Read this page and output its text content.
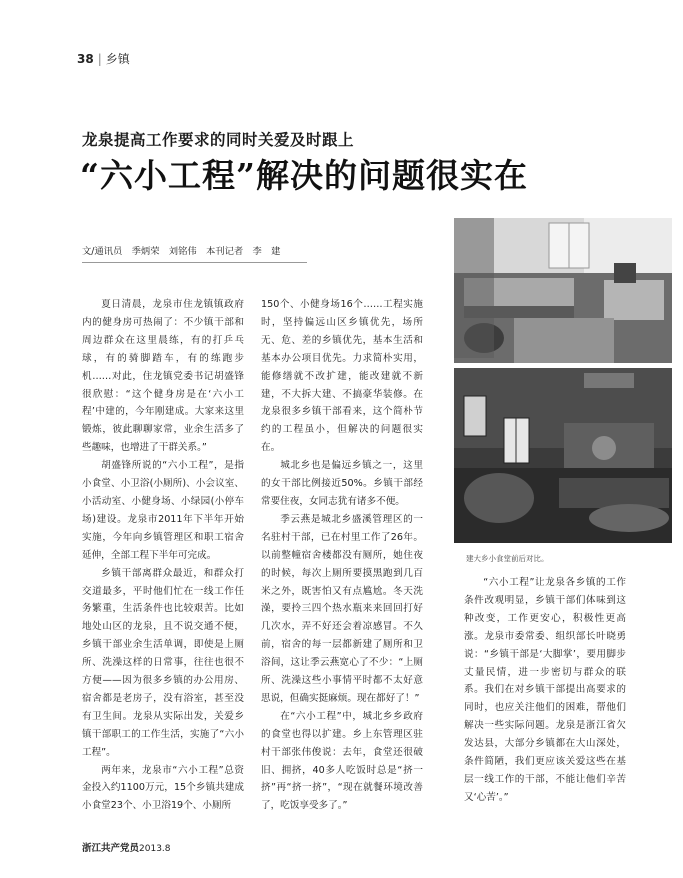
38 | 乡镇
龙泉提高工作要求的同时关爱及时跟上
“六小工程”解决的问题很实在
文/通讯员　季炳荣　刘铭伟　本刊记者　李　建

夏日清晨，龙泉市住龙镇镇政府内的健身房可热闹了：不少镇干部和周边群众在这里晨练，有的打乒乓球，有的骑脚踏车，有的练跑步机……对此，住龙镇党委书记胡盛锋很欣慰：“这个健身房是在‘六小工程’中建的，今年刚建成。大家来这里锻炼，彼此聊聊家常，业余生活多了些趣味，也增进了干群关系。”

胡盛锋所说的“六小工程”，是指小食堂、小卫浴(小厕所)、小会议室、小活动室、小健身场、小绿园(小停车场)建设。龙泉市2011年下半年开始实施，今年向乡镇管理区和职工宿舍延伸，全部工程下半年可完成。

乡镇干部离群众最近，和群众打交道最多，平时他们忙在一线工作任务繁重，生活条件也比较艰苦。比如地处山区的龙泉，且不说交通不便，乡镇干部业余生活单调，即使是上厕所、洗澡这样的日常事，往往也很不方便——因为很多乡镇的办公用房、宿舍都是老房子，没有浴室，甚至没有卫生间。龙泉从实际出发，关爱乡镇干部职工的工作生活，实施了“六小工程”。

两年来，龙泉市“六小工程”总资金投入约1100万元，15个乡镇共建成小食堂23个、小卫浴19个、小厕所

150个、小健身场16个……工程实施时，坚持偏远山区乡镇优先，场所无、危、差的乡镇优先，基本生活和基本办公项目优先。力求简朴实用，能修缮就不改扩建，能改建就不新建，不大拆大建、不搞豪华装修。在龙泉很多乡镇干部看来，这个简朴节约的工程虽小，但解决的问题很实在。

城北乡也是偏远乡镇之一，这里的女干部比例接近50%。乡镇干部经常要住夜，女同志犹有诸多不便。

季云燕是城北乡盛溪管理区的一名驻村干部，已在村里工作了26年。以前整幢宿舍楼都没有厕所，她住夜的时候，每次上厕所要摸黑跑到几百米之外，既害怕又有点尴尬。冬天洗澡，要拎三四个热水瓶来来回回打好几次水，弄不好还会着凉感冒。不久前，宿舍的每一层都新建了厕所和卫浴间，这让季云燕宽心了不少：“上厕所、洗澡这些小事情平时都不太好意思说，但确实挺麻烦。现在都好了！”

在“六小工程”中，城北乡乡政府的食堂也得以扩建。乡上东管理区驻村干部张伟俊说：去年，食堂还很破旧、拥挤，40多人吃饭时总是“挤一挤”再“挤一挤”，“现在就餐环境改善了，吃饭享受多了。”

建大乡小食堂前后对比。

“六小工程”让龙泉各乡镇的工作条件改观明显，乡镇干部们体味到这种改变，工作更安心，积极性更高涨。龙泉市委常委、组织部长叶晓勇说：“乡镇干部是‘大脚掌’，要用脚步丈量民情，进一步密切与群众的联系。我们在对乡镇干部提出高要求的同时，也应关注他们的困难，帮他们解决一些实际问题。龙泉是浙江省欠发达县，大部分乡镇都在大山深处，条件简陋，我们更应该关爱这些在基层一线工作的干部，不能让他们辛苦又‘心苦’。”

浙江共产党员2013.8
